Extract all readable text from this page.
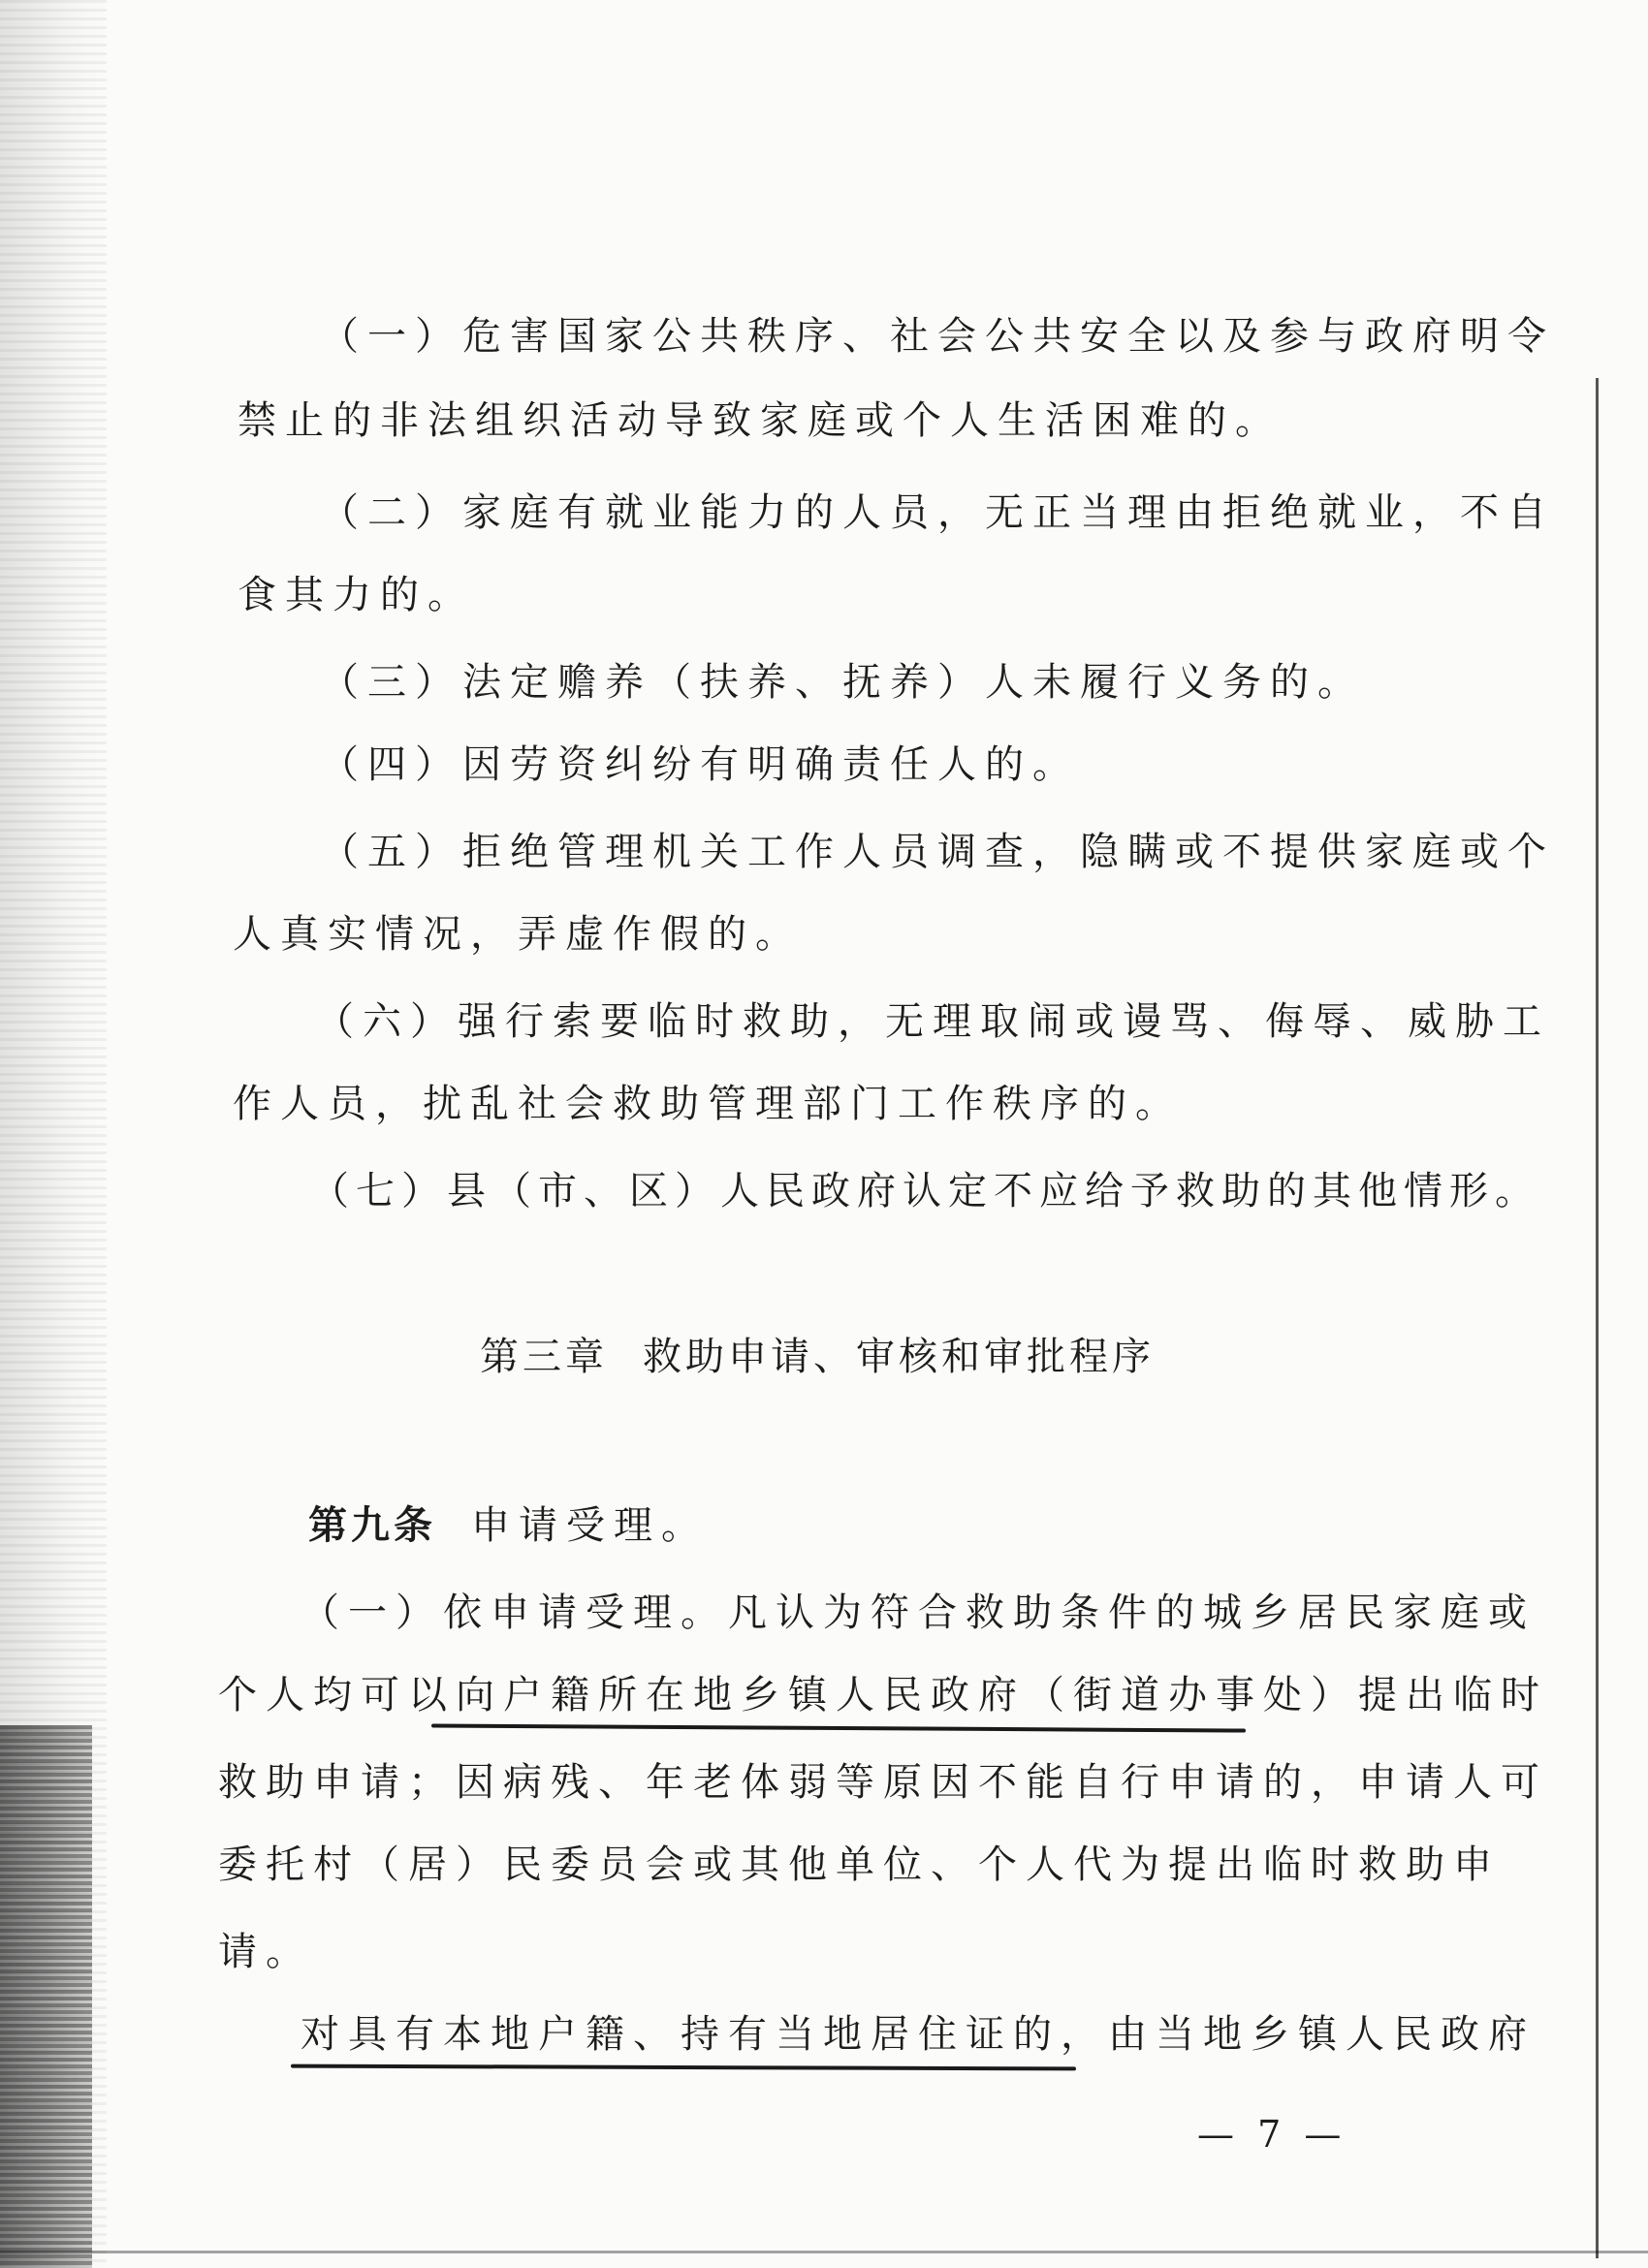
（一）危害国家公共秩序、社会公共安全以及参与政府明令
禁止的非法组织活动导致家庭或个人生活困难的。
（二）家庭有就业能力的人员，无正当理由拒绝就业，不自
食其力的。
（三）法定赡养（扶养、抚养）人未履行义务的。
（四）因劳资纠纷有明确责任人的。
（五）拒绝管理机关工作人员调查，隐瞒或不提供家庭或个
人真实情况，弄虚作假的。
（六）强行索要临时救助，无理取闹或谩骂、侮辱、威胁工
作人员，扰乱社会救助管理部门工作秩序的。
（七）县（市、区）人民政府认定不应给予救助的其他情形。
第三章 救助申请、审核和审批程序
第九条 申请受理。
（一）依申请受理。凡认为符合救助条件的城乡居民家庭或
个人均可以向户籍所在地乡镇人民政府（街道办事处）提出临时
救助申请；因病残、年老体弱等原因不能自行申请的，申请人可
委托村（居）民委员会或其他单位、个人代为提出临时救助申
请。
对具有本地户籍、持有当地居住证的，由当地乡镇人民政府
— 7 —
